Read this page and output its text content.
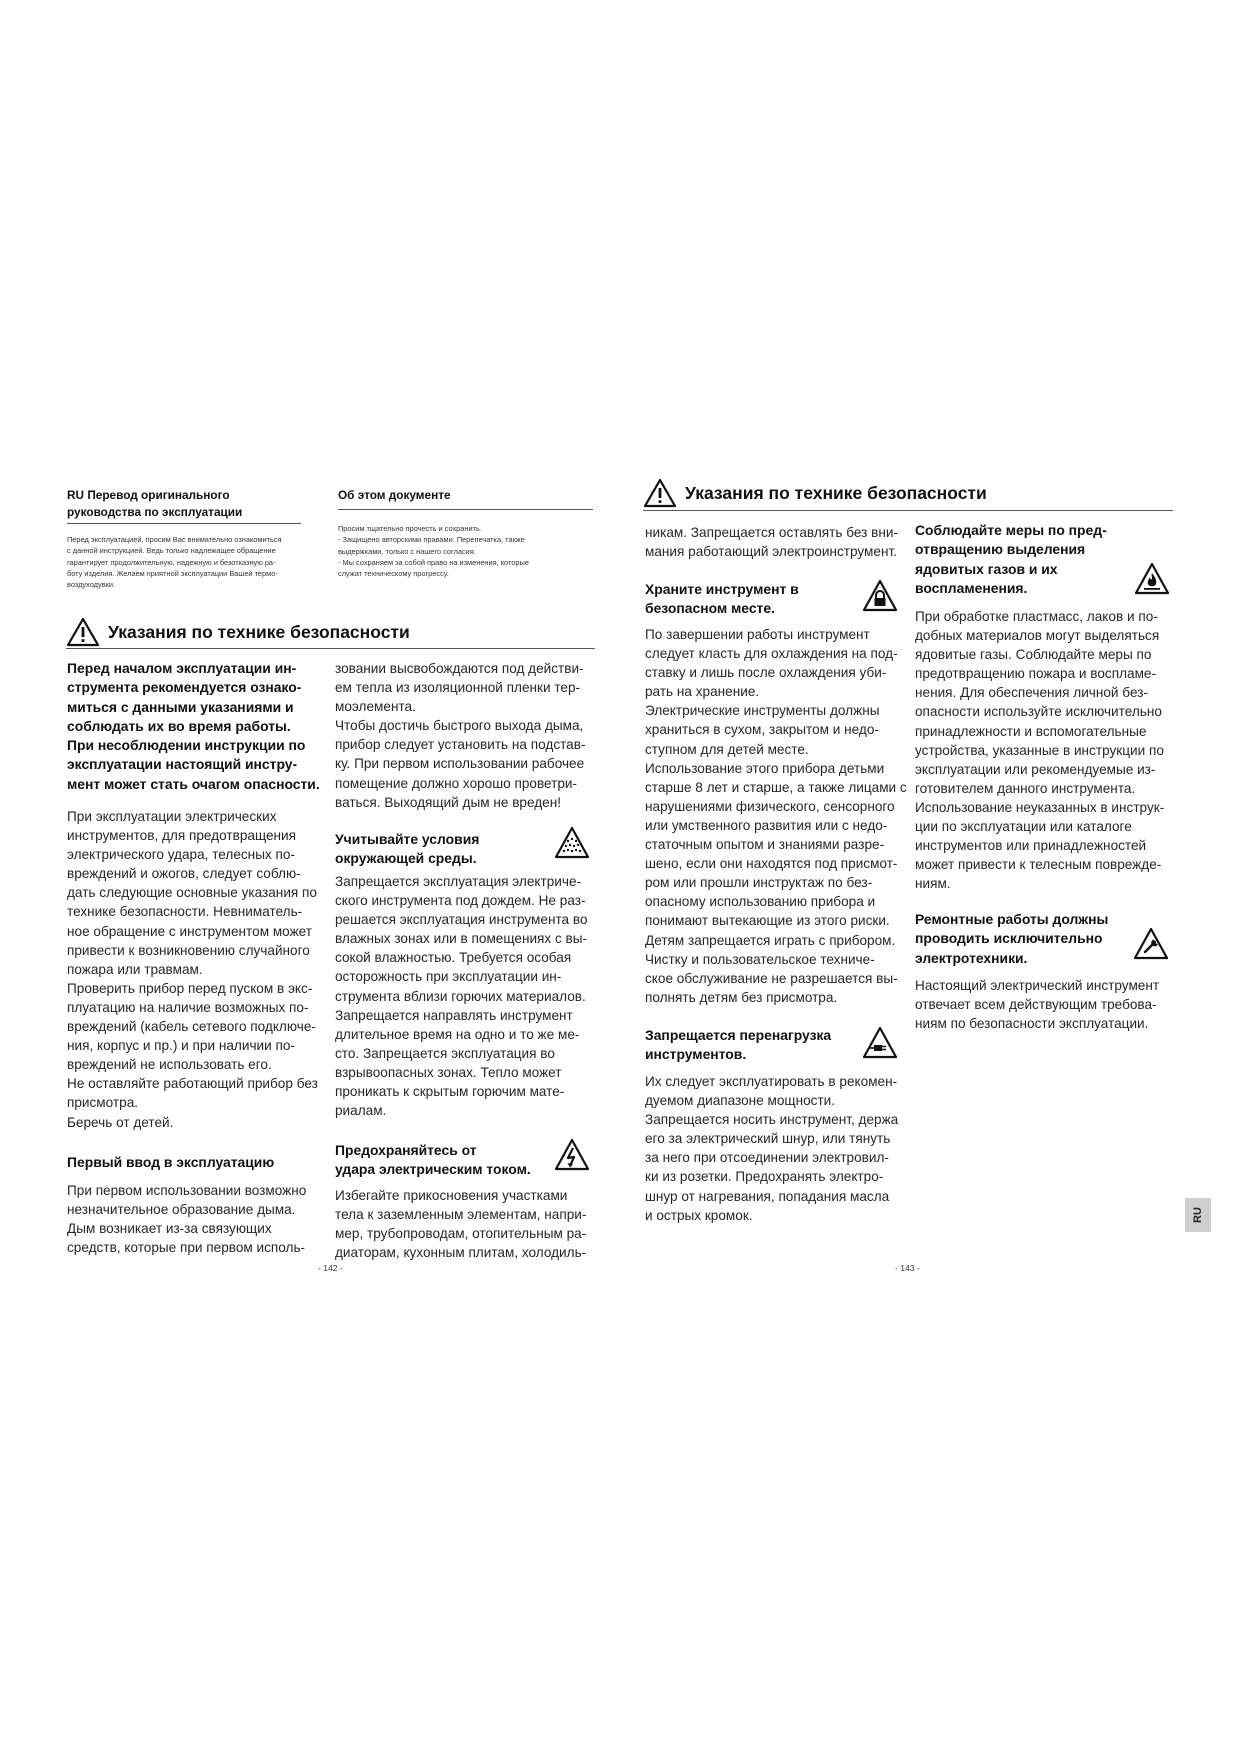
RU Перевод оригинального
руководства по эксплуатации
Перед эксплуатацией, просим Вас внимательно ознакомиться
с данной инструкцией. Ведь только надлежащее обращение
гарантирует продолжительную, надежную и безотказную ра-
боту изделия. Желаем приятной эксплуатации Вашей термо-
воздуходувки.
Об этом документе
Просим тщательно прочесть и сохранить.
- Защищено авторскими правами. Перепечатка, также
выдержками, только с нашего согласия.
- Мы сохраняем за собой право на изменения, которые
служат техническому прогрессу.
Указания по технике безопасности
Перед началом эксплуатации ин-
струмента рекомендуется ознако-
миться с данными указаниями и
соблюдать их во время работы.
При несоблюдении инструкции по
эксплуатации настоящий инстру-
мент может стать очагом опасности.
При эксплуатации электрических
инструментов, для предотвращения
электрического удара, телесных по-
вреждений и ожогов, следует соблю-
дать следующие основные указания по
технике безопасности. Невниматель-
ное обращение с инструментом может
привести к возникновению случайного
пожара или травмам.
Проверить прибор перед пуском в экс-
плуатацию на наличие возможных по-
вреждений (кабель сетевого подключе-
ния, корпус и пр.) и при наличии по-
вреждений не использовать его.
Не оставляйте работающий прибор без
присмотра.
Беречь от детей.
Первый ввод в эксплуатацию
При первом использовании возможно
незначительное образование дыма.
Дым возникает из-за связующих
средств, которые при первом исполь-
зовании высвобождаются под действи-
ем тепла из изоляционной пленки тер-
моэлемента.
Чтобы достичь быстрого выхода дыма,
прибор следует установить на подстав-
ку. При первом использовании рабочее
помещение должно хорошо проветри-
ваться. Выходящий дым не вреден!
Учитывайте условия
окружающей среды.
Запрещается эксплуатация электриче-
ского инструмента под дождем. Не раз-
решается эксплуатация инструмента во
влажных зонах или в помещениях с вы-
сокой влажностью. Требуется особая
осторожность при эксплуатации ин-
струмента вблизи горючих материалов.
Запрещается направлять инструмент
длительное время на одно и то же ме-
сто. Запрещается эксплуатация во
взрывоопасных зонах. Тепло может
проникать к скрытым горючим мате-
риалам.
Предохраняйтесь от
удара электрическим током.
Избегайте прикосновения участками
тела к заземленным элементам, напри-
мер, трубопроводам, отопительным ра-
диаторам, кухонным плитам, холодиль-
- 142 -
Указания по технике безопасности
никам. Запрещается оставлять без вни-
мания работающий электроинструмент.
Храните инструмент в
безопасном месте.
По завершении работы инструмент
следует класть для охлаждения на под-
ставку и лишь после охлаждения уби-
рать на хранение.
Электрические инструменты должны
храниться в сухом, закрытом и недо-
ступном для детей месте.
Использование этого прибора детьми
старше 8 лет и старше, а также лицами с
нарушениями физического, сенсорного
или умственного развития или с недо-
статочным опытом и знаниями разре-
шено, если они находятся под присмот-
ром или прошли инструктаж по без-
опасному использованию прибора и
понимают вытекающие из этого риски.
Детям запрещается играть с прибором.
Чистку и пользовательское техниче-
ское обслуживание не разрешается вы-
полнять детям без присмотра.
Запрещается перенагрузка
инструментов.
Их следует эксплуатировать в рекомен-
дуемом диапазоне мощности.
Запрещается носить инструмент, держа
его за электрический шнур, или тянуть
за него при отсоединении электровил-
ки из розетки. Предохранять электро-
шнур от нагревания, попадания масла
и острых кромок.
Соблюдайте меры по пред-
отвращению выделения
ядовитых газов и их
воспламенения.
При обработке пластмасс, лаков и по-
добных материалов могут выделяться
ядовитые газы. Соблюдайте меры по
предотвращению пожара и воспламе-
нения. Для обеспечения личной без-
опасности используйте исключительно
принадлежности и вспомогательные
устройства, указанные в инструкции по
эксплуатации или рекомендуемые из-
готовителем данного инструмента.
Использование неуказанных в инструк-
ции по эксплуатации или каталоге
инструментов или принадлежностей
может привести к телесным поврежде-
ниям.
Ремонтные работы должны
проводить исключительно
электротехники.
Настоящий электрический инструмент
отвечает всем действующим требова-
ниям по безопасности эксплуатации.
- 143 -
RU
